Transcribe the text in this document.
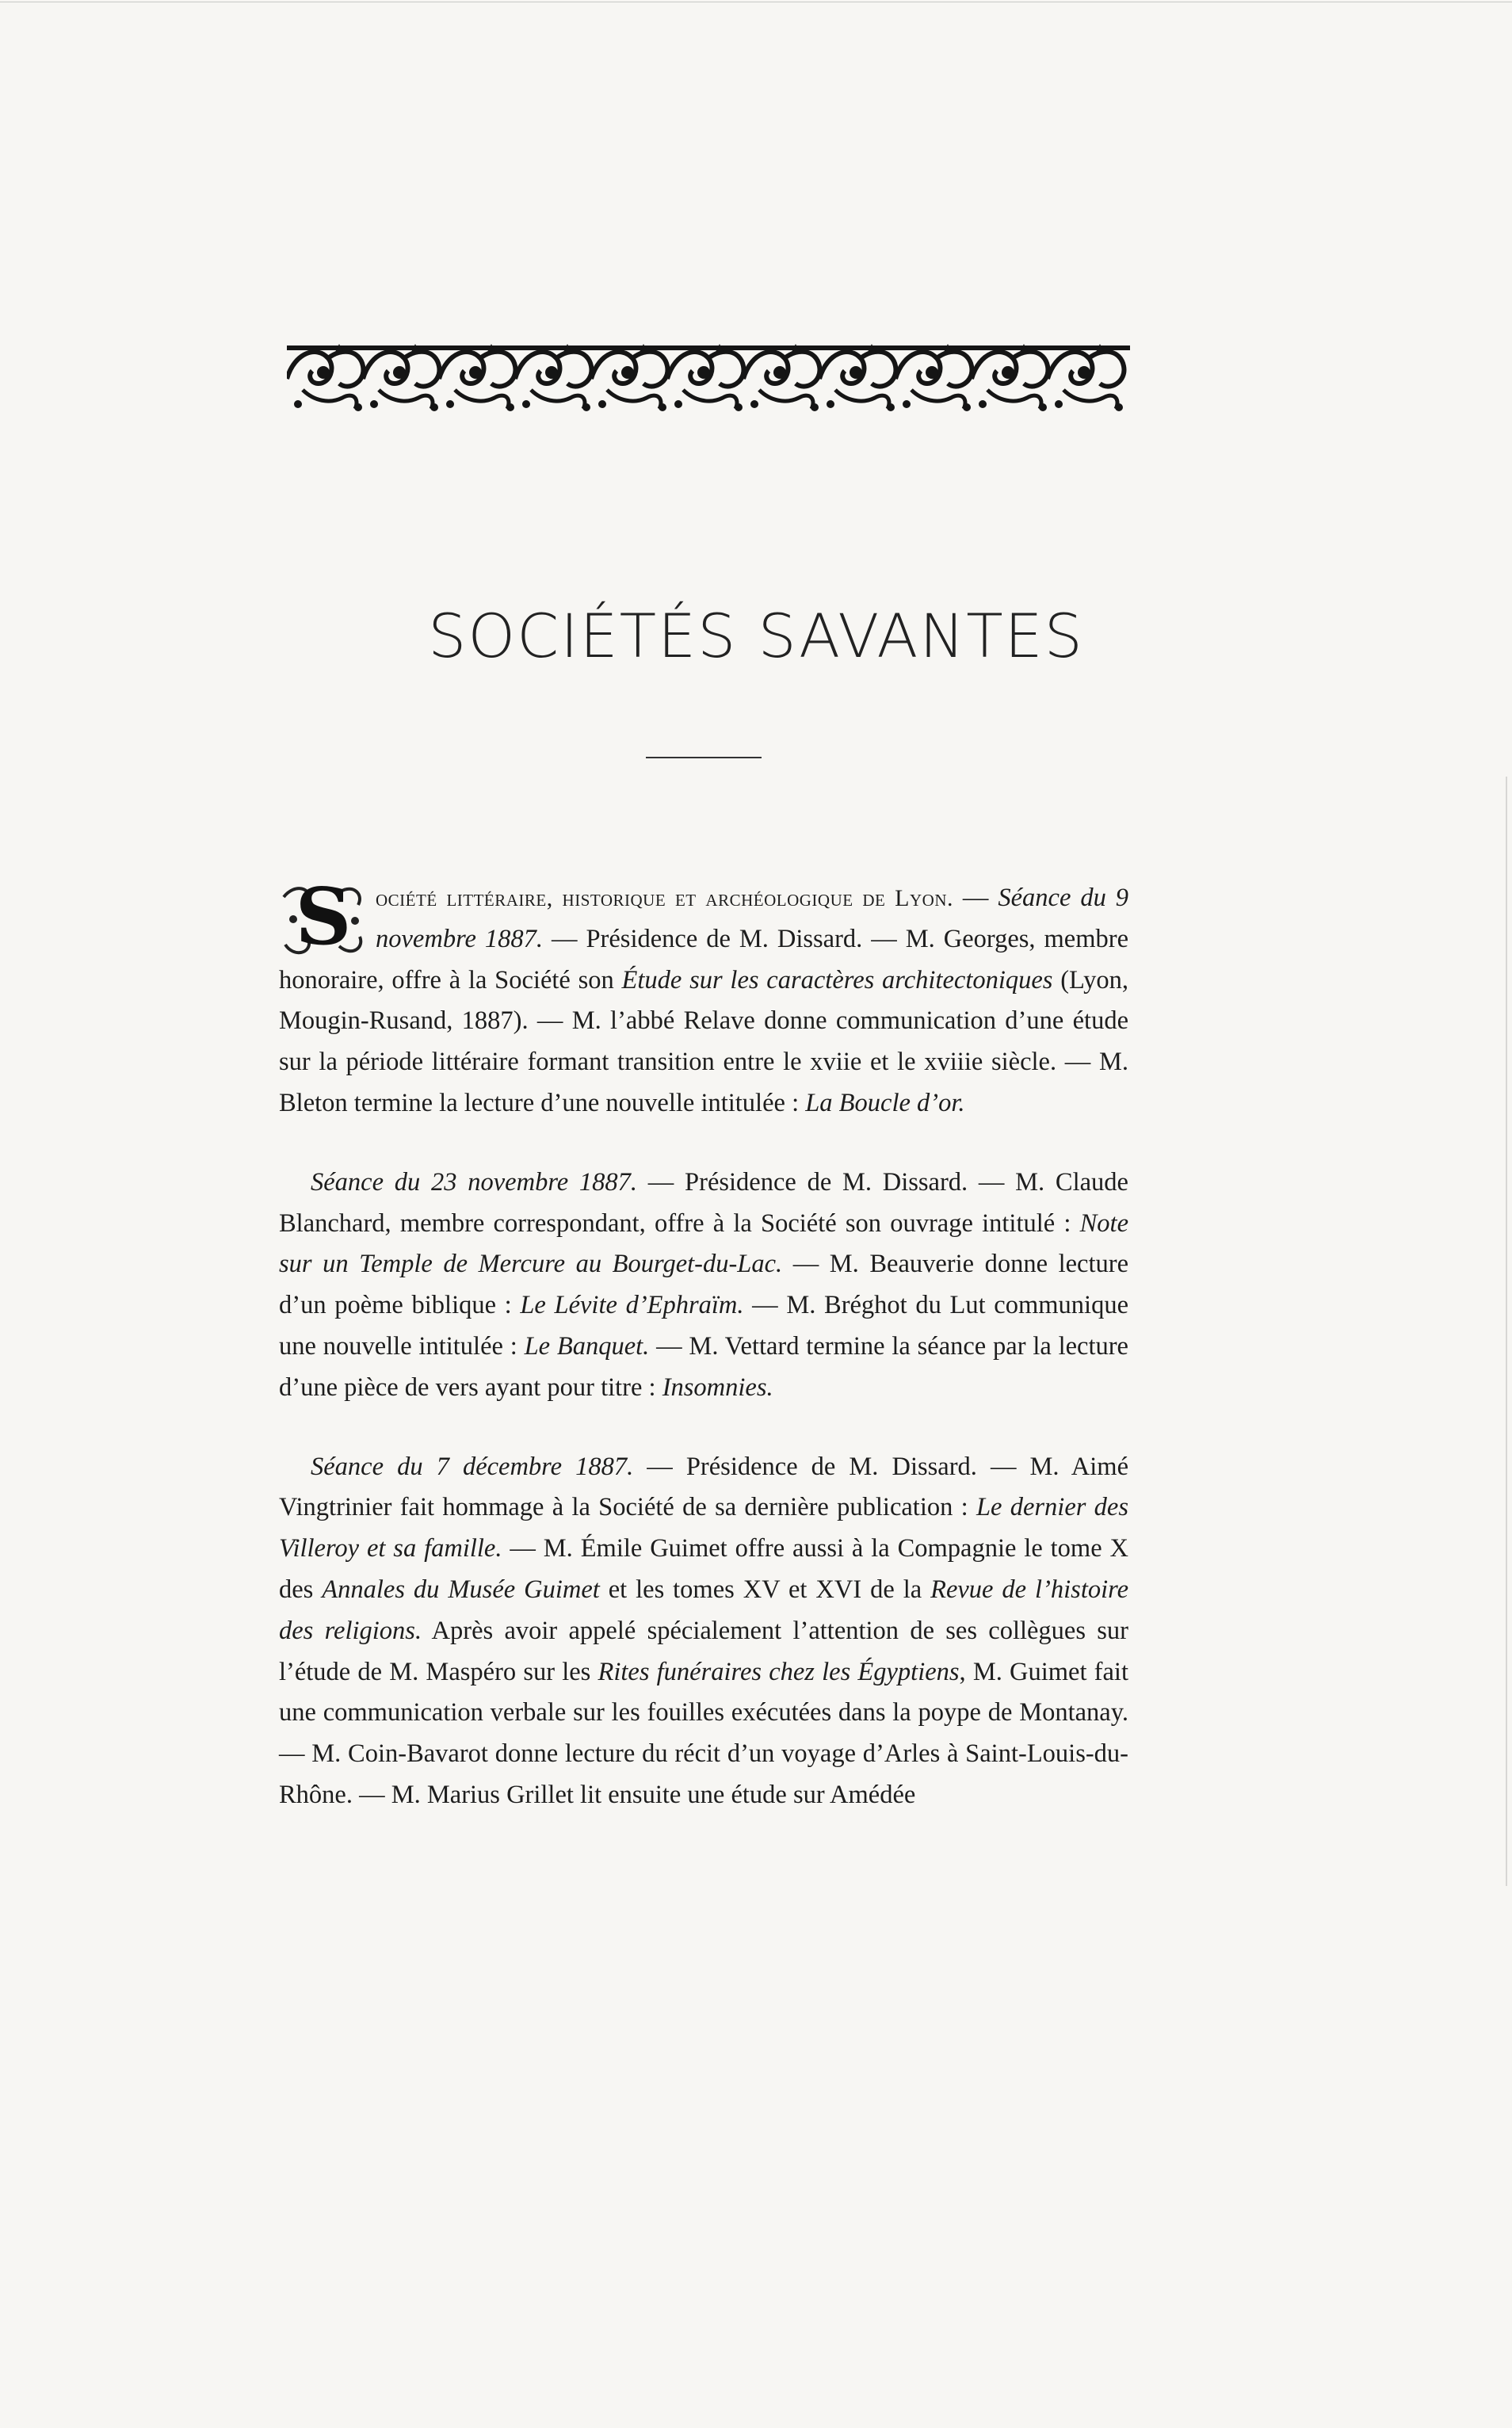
SOCIÉTÉS SAVANTES

S	ociété littéraire, historique et archéologique de Lyon. — Séance du 9 novembre 1887. — Présidence de M. Dissard. — M. Georges, membre honoraire, offre à la Société son Étude sur les caractères architectoniques (Lyon, Mougin-Rusand, 1887). — M. l’abbé Relave donne communication d’une étude sur la période littéraire formant transition entre le xviie et le xviiie siècle. — M. Bleton termine la lecture d’une nouvelle intitulée : La Boucle d’or.

Séance du 23 novembre 1887. — Présidence de M. Dissard. — M. Claude Blanchard, membre correspondant, offre à la Société son ouvrage intitulé : Note sur un Temple de Mercure au Bourget-du-Lac. — M. Beauverie donne lecture d’un poème biblique : Le Lévite d’Ephraïm. — M. Bréghot du Lut communique une nouvelle intitulée : Le Banquet. — M. Vettard termine la séance par la lecture d’une pièce de vers ayant pour titre : Insomnies.

Séance du 7 décembre 1887. — Présidence de M. Dissard. — M. Aimé Vingtrinier fait hommage à la Société de sa dernière publication : Le dernier des Villeroy et sa famille. — M. Émile Guimet offre aussi à la Compagnie le tome X des Annales du Musée Guimet et les tomes XV et XVI de la Revue de l’histoire des religions. Après avoir appelé spécialement l’attention de ses collègues sur l’étude de M. Maspéro sur les Rites funéraires chez les Égyptiens, M. Guimet fait une communication verbale sur les fouilles exécutées dans la poype de Montanay. — M. Coin-Bavarot donne lecture du récit d’un voyage d’Arles à Saint-Louis-du-Rhône. — M. Marius Grillet lit ensuite une étude sur Amédée
